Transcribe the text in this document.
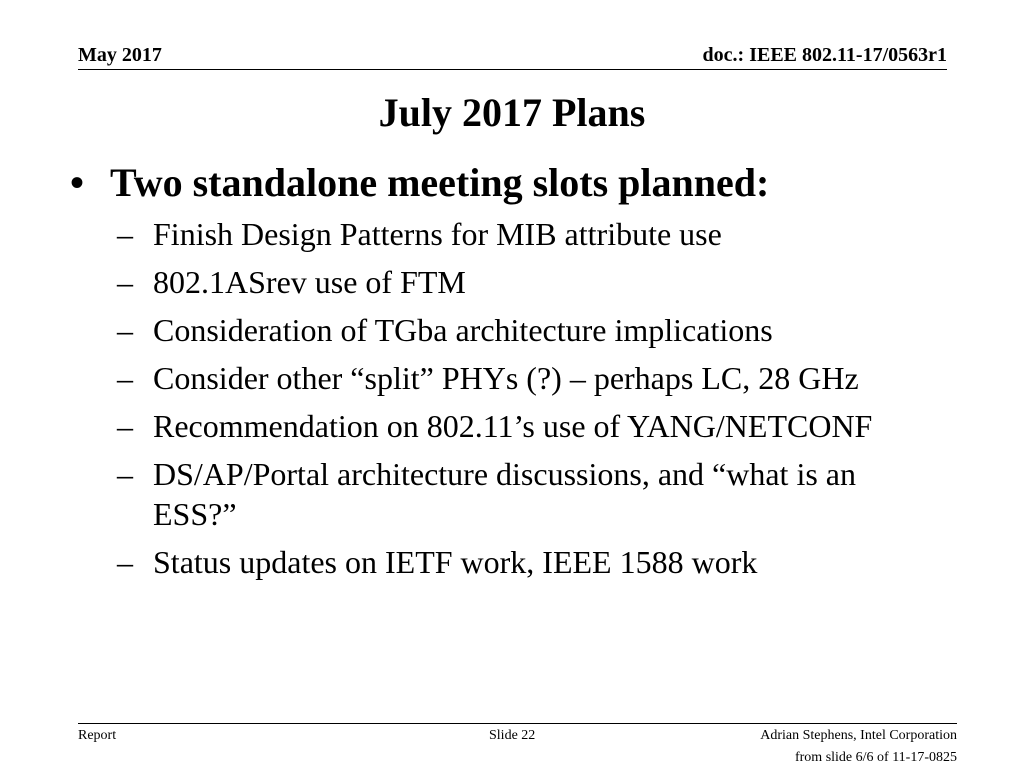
May 2017	doc.: IEEE 802.11-17/0563r1
July 2017 Plans
• Two standalone meeting slots planned:
– Finish Design Patterns for MIB attribute use
– 802.1ASrev use of FTM
– Consideration of TGba architecture implications
– Consider other “split” PHYs (?) – perhaps LC, 28 GHz
– Recommendation on 802.11’s use of YANG/NETCONF
– DS/AP/Portal architecture discussions, and “what is an ESS?”
– Status updates on IETF work, IEEE 1588 work
Report	Slide 22	Adrian Stephens, Intel Corporation
from slide 6/6 of 11-17-0825
